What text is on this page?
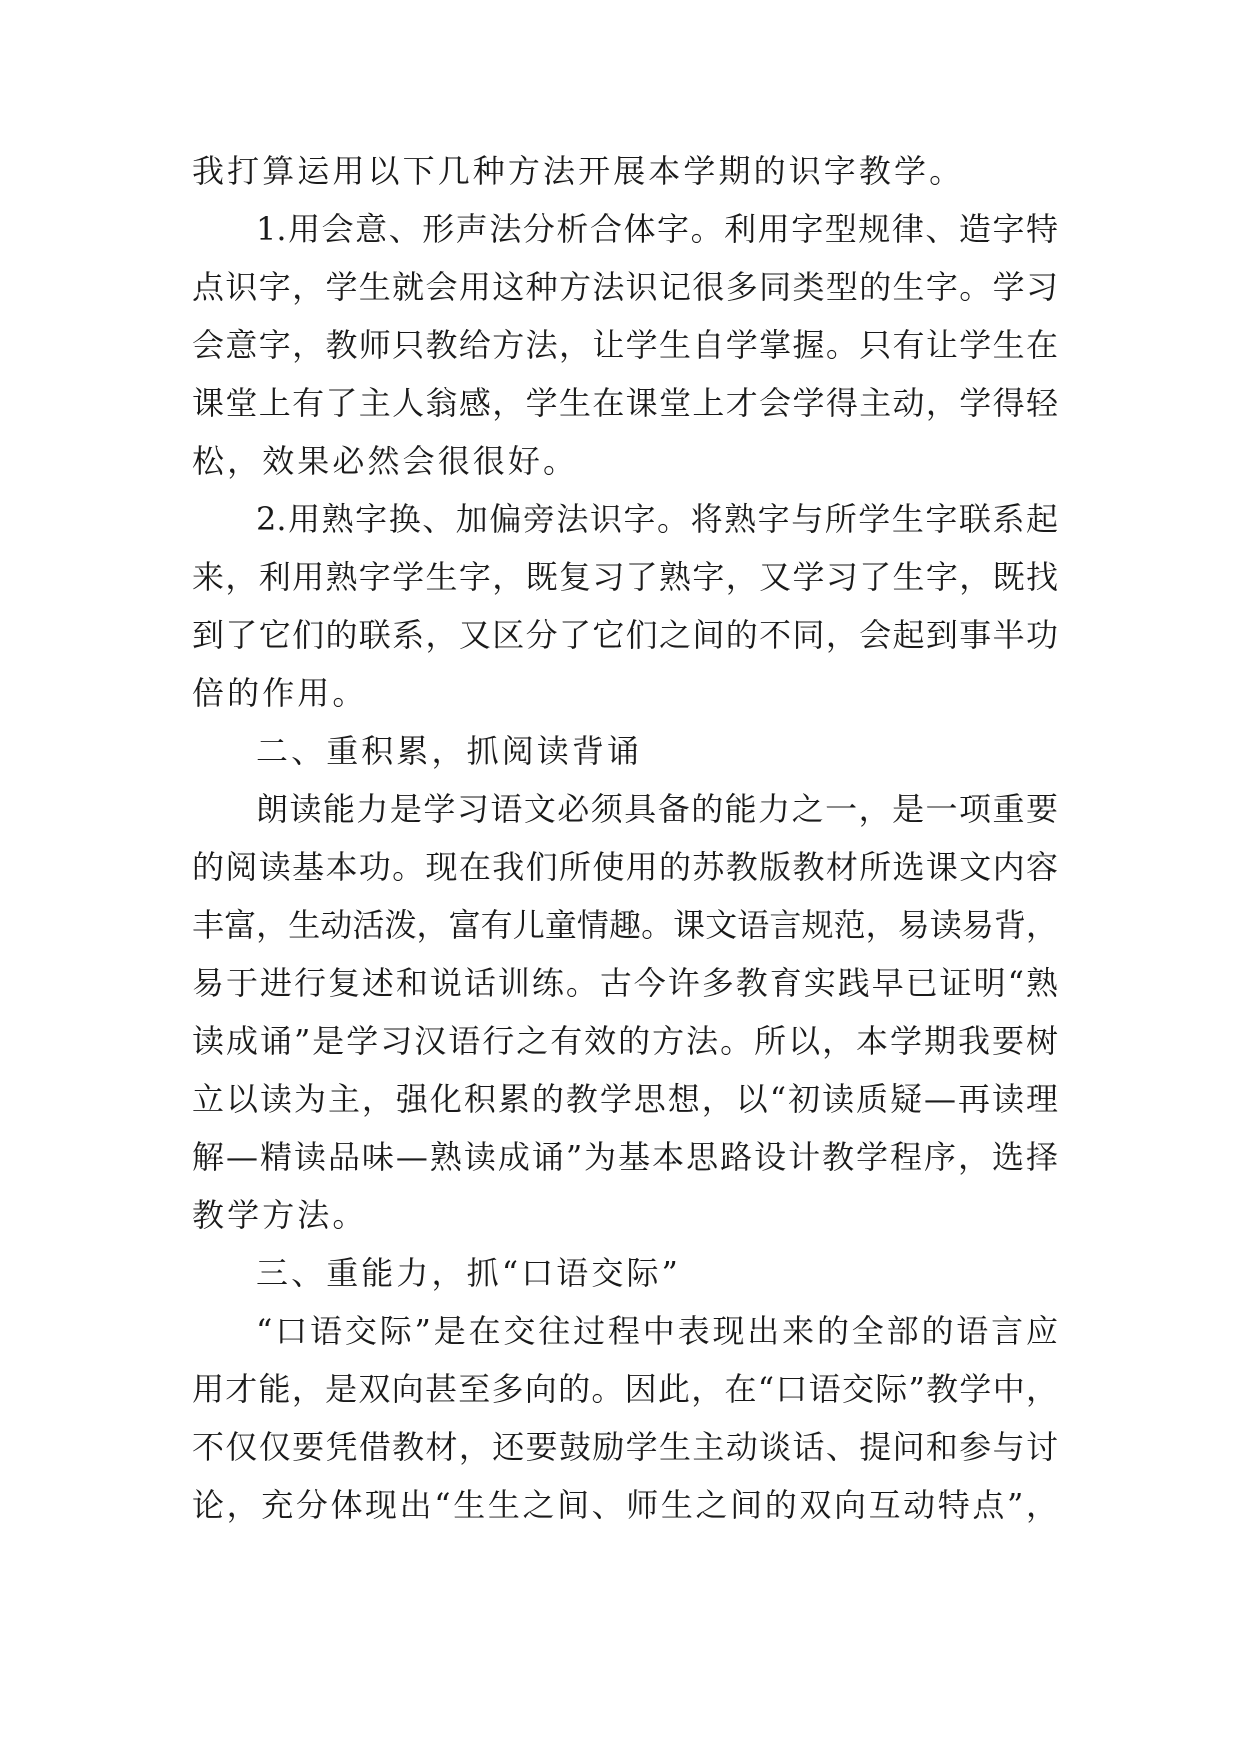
我打算运用以下几种方法开展本学期的识字教学。
1.用会意、形声法分析合体字。利用字型规律、造字特
点识字，学生就会用这种方法识记很多同类型的生字。学习
会意字，教师只教给方法，让学生自学掌握。只有让学生在
课堂上有了主人翁感，学生在课堂上才会学得主动，学得轻
松，效果必然会很很好。
2.用熟字换、加偏旁法识字。将熟字与所学生字联系起
来，利用熟字学生字，既复习了熟字，又学习了生字，既找
到了它们的联系，又区分了它们之间的不同，会起到事半功
倍的作用。
二、重积累，抓阅读背诵
朗读能力是学习语文必须具备的能力之一，是一项重要
的阅读基本功。现在我们所使用的苏教版教材所选课文内容
丰富，生动活泼，富有儿童情趣。课文语言规范，易读易背，
易于进行复述和说话训练。古今许多教育实践早已证明“熟
读成诵”是学习汉语行之有效的方法。所以，本学期我要树
立以读为主，强化积累的教学思想，以“初读质疑—再读理
解—精读品味—熟读成诵”为基本思路设计教学程序，选择
教学方法。
三、重能力，抓“口语交际”
“口语交际”是在交往过程中表现出来的全部的语言应
用才能，是双向甚至多向的。因此，在“口语交际”教学中，
不仅仅要凭借教材，还要鼓励学生主动谈话、提问和参与讨
论，充分体现出“生生之间、师生之间的双向互动特点”，
